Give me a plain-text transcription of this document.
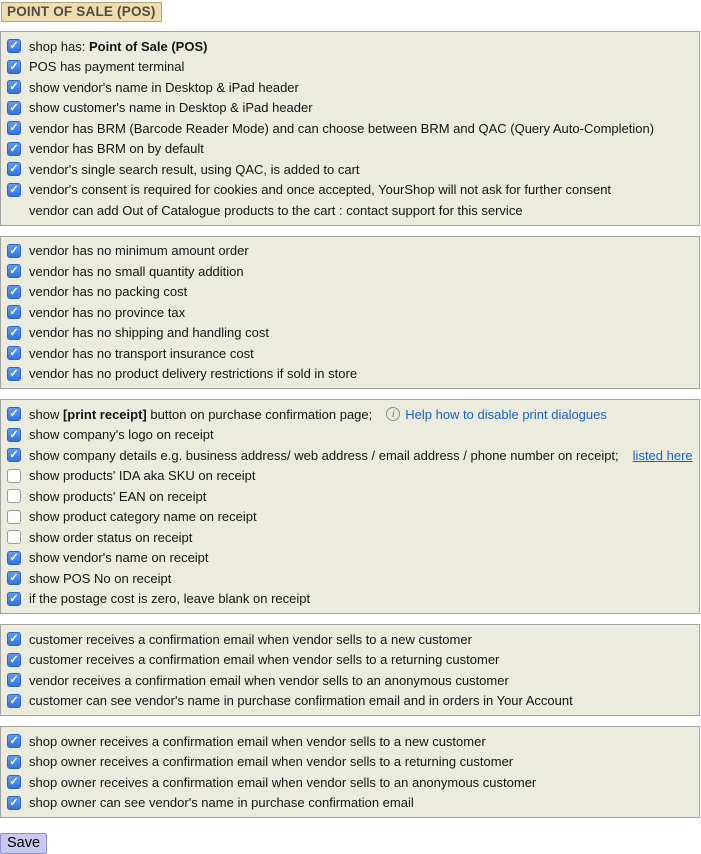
POINT OF SALE (POS)
✓
shop has: Point of Sale (POS)
✓
POS has payment terminal
✓
show vendor's name in Desktop & iPad header
✓
show customer's name in Desktop & iPad header
✓
vendor has BRM (Barcode Reader Mode) and can choose between BRM and QAC (Query Auto-Completion)
✓
vendor has BRM on by default
✓
vendor's single search result, using QAC, is added to cart
✓
vendor's consent is required for cookies and once accepted, YourShop will not ask for further consent
vendor can add Out of Catalogue products to the cart : contact support for this service
✓
vendor has no minimum amount order
✓
vendor has no small quantity addition
✓
vendor has no packing cost
✓
vendor has no province tax
✓
vendor has no shipping and handling cost
✓
vendor has no transport insurance cost
✓
vendor has no product delivery restrictions if sold in store
✓
show [print receipt] button on purchase confirmation page;	i Help how to disable print dialogues
✓
show company's logo on receipt
✓
show company details e.g. business address/ web address / email address / phone number on receipt; listed here
show products' IDA aka SKU on receipt
show products' EAN on receipt
show product category name on receipt
show order status on receipt
✓
show vendor's name on receipt
✓
show POS No on receipt
✓
if the postage cost is zero, leave blank on receipt
✓
customer receives a confirmation email when vendor sells to a new customer
✓
customer receives a confirmation email when vendor sells to a returning customer
✓
vendor receives a confirmation email when vendor sells to an anonymous customer
✓
customer can see vendor's name in purchase confirmation email and in orders in Your Account
✓
shop owner receives a confirmation email when vendor sells to a new customer
✓
shop owner receives a confirmation email when vendor sells to a returning customer
✓
shop owner receives a confirmation email when vendor sells to an anonymous customer
✓
shop owner can see vendor's name in purchase confirmation email
Save
